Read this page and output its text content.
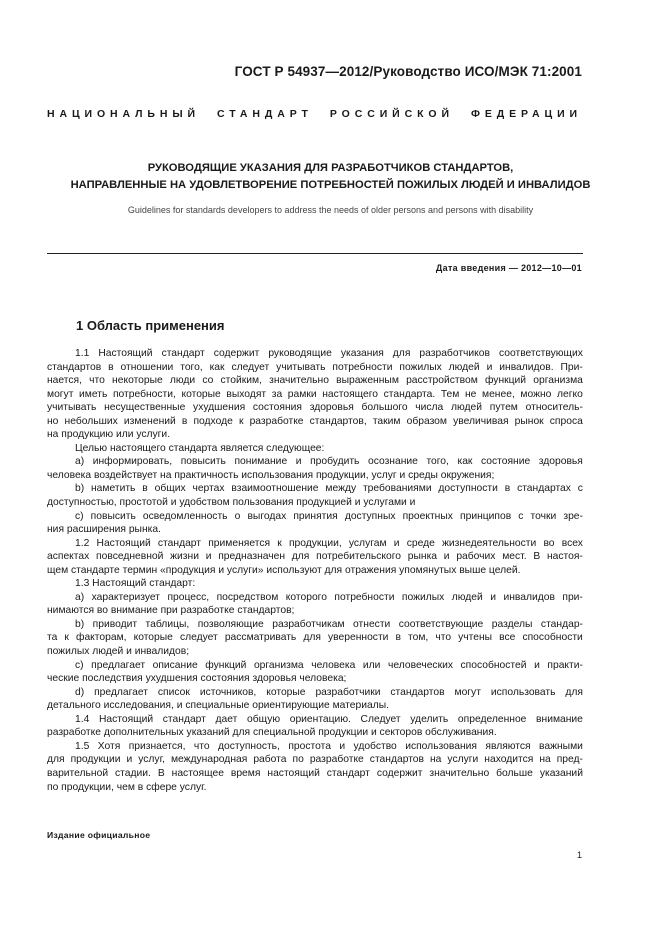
ГОСТ Р 54937—2012/Руководство ИСО/МЭК 71:2001
НАЦИОНАЛЬНЫЙ СТАНДАРТ РОССИЙСКОЙ ФЕДЕРАЦИИ
РУКОВОДЯЩИЕ УКАЗАНИЯ ДЛЯ РАЗРАБОТЧИКОВ СТАНДАРТОВ,
НАПРАВЛЕННЫЕ НА УДОВЛЕТВОРЕНИЕ ПОТРЕБНОСТЕЙ ПОЖИЛЫХ ЛЮДЕЙ И ИНВАЛИДОВ
Guidelines for standards developers to address the needs of older persons and persons with disability
Дата введения — 2012—10—01
1 Область применения
1.1 Настоящий стандарт содержит руководящие указания для разработчиков соответствующих
стандартов в отношении того, как следует учитывать потребности пожилых людей и инвалидов. При-
нается, что некоторые люди со стойким, значительно выраженным расстройством функций организма
могут иметь потребности, которые выходят за рамки настоящего стандарта. Тем не менее, можно легко
учитывать несущественные ухудшения состояния здоровья большого числа людей путем относитель-
но небольших изменений в подходе к разработке стандартов, таким образом увеличивая рынок спроса
на продукцию или услуги.
Целью настоящего стандарта является следующее:
а) информировать, повысить понимание и пробудить осознание того, как состояние здоровья
человека воздействует на практичность использования продукции, услуг и среды окружения;
b) наметить в общих чертах взаимоотношение между требованиями доступности в стандартах с
доступностью, простотой и удобством пользования продукцией и услугами и
с) повысить осведомленность о выгодах принятия доступных проектных принципов с точки зре-
ния расширения рынка.
1.2 Настоящий стандарт применяется к продукции, услугам и среде жизнедеятельности во всех
аспектах повседневной жизни и предназначен для потребительского рынка и рабочих мест. В настоя-
щем стандарте термин «продукция и услуги» используют для отражения упомянутых выше целей.
1.3 Настоящий стандарт:
а) характеризует процесс, посредством которого потребности пожилых людей и инвалидов при-
нимаются во внимание при разработке стандартов;
b) приводит таблицы, позволяющие разработчикам отнести соответствующие разделы стандар-
та к факторам, которые следует рассматривать для уверенности в том, что учтены все способности
пожилых людей и инвалидов;
с) предлагает описание функций организма человека или человеческих способностей и практи-
ческие последствия ухудшения состояния здоровья человека;
d) предлагает список источников, которые разработчики стандартов могут использовать для
детального исследования, и специальные ориентирующие материалы.
1.4 Настоящий стандарт дает общую ориентацию. Следует уделить определенное внимание
разработке дополнительных указаний для специальной продукции и секторов обслуживания.
1.5 Хотя признается, что доступность, простота и удобство использования являются важными
для продукции и услуг, международная работа по разработке стандартов на услуги находится на пред-
варительной стадии. В настоящее время настоящий стандарт содержит значительно больше указаний
по продукции, чем в сфере услуг.
Издание официальное
1
